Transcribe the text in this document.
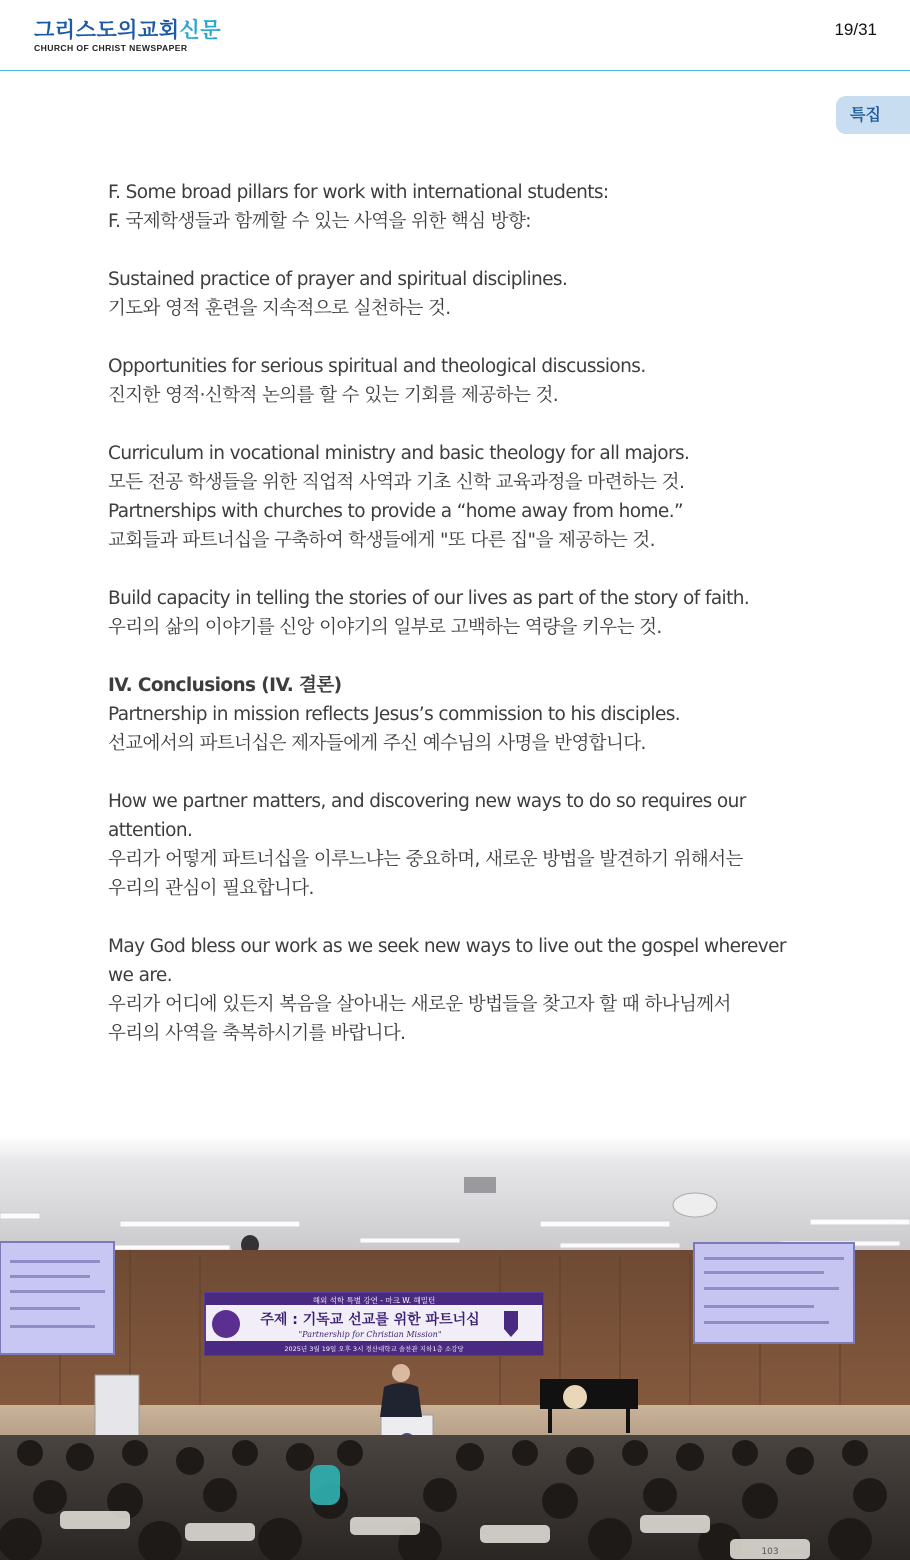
그리스도의교회신문
CHURCH OF CHRIST NEWSPAPER
19/31
특집

F. Some broad pillars for work with international students:

F. 국제학생들과 함께할 수 있는 사역을 위한 핵심 방향:

Sustained practice of prayer and spiritual disciplines.

기도와 영적 훈련을 지속적으로 실천하는 것.

Opportunities for serious spiritual and theological discussions.

진지한 영적·신학적 논의를 할 수 있는 기회를 제공하는 것.

Curriculum in vocational ministry and basic theology for all majors.

모든 전공 학생들을 위한 직업적 사역과 기초 신학 교육과정을 마련하는 것.

Partnerships with churches to provide a “home away from home.”

교회들과 파트너십을 구축하여 학생들에게 "또 다른 집"을 제공하는 것.

Build capacity in telling the stories of our lives as part of the story of faith.

우리의 삶의 이야기를 신앙 이야기의 일부로 고백하는 역량을 키우는 것.

IV. Conclusions (IV. 결론)

Partnership in mission reflects Jesus’s commission to his disciples.

선교에서의 파트너십은 제자들에게 주신 예수님의 사명을 반영합니다.

How we partner matters, and discovering new ways to do so requires our

attention.

우리가 어떻게 파트너십을 이루느냐는 중요하며, 새로운 방법을 발견하기 위해서는

우리의 관심이 필요합니다.

May God bless our work as we seek new ways to live out the gospel wherever

we are.

우리가 어디에 있든지 복음을 살아내는 새로운 방법들을 찾고자 할 때 하나님께서

우리의 사역을 축복하시기를 바랍니다.

해외 석학 특별 강연 - 마크 W. 해밀턴
주제 : 기독교 선교를 위한 파트너십
"Partnership for Christian Mission"
2025년 3월 19일 오후 3시 경산대학교 솔찬관 지하1층 소강당
103
